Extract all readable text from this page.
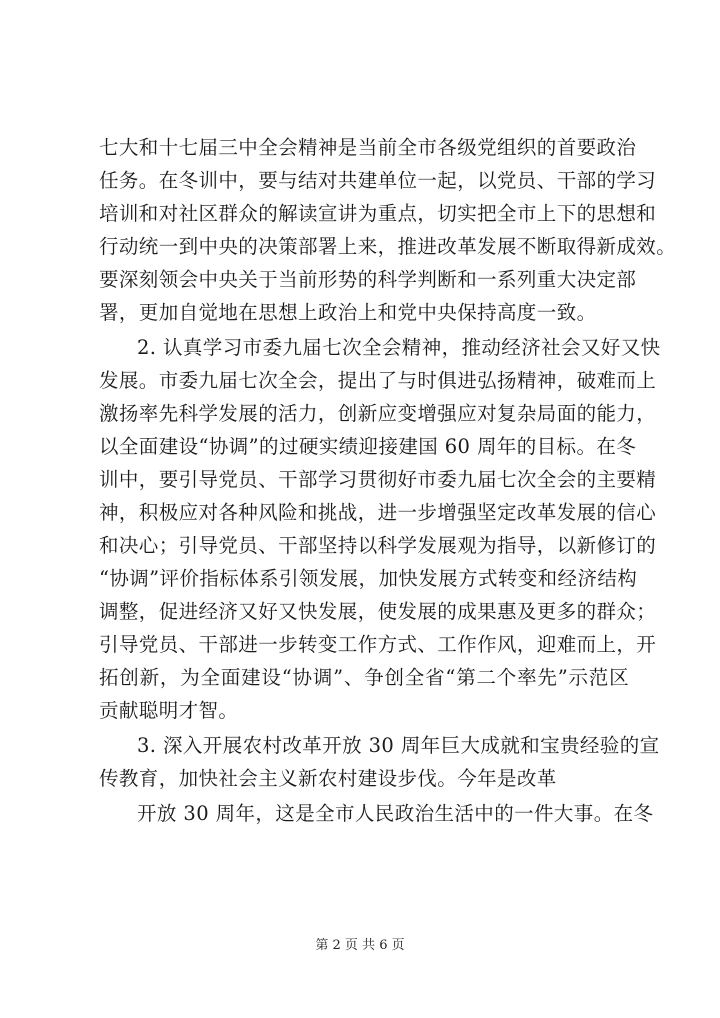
七大和十七届三中全会精神是当前全市各级党组织的首要政治
任务。在冬训中，要与结对共建单位一起，以党员、干部的学习
培训和对社区群众的解读宣讲为重点，切实把全市上下的思想和
行动统一到中央的决策部署上来，推进改革发展不断取得新成效。
要深刻领会中央关于当前形势的科学判断和一系列重大决定部
署，更加自觉地在思想上政治上和党中央保持高度一致。
2. 认真学习市委九届七次全会精神，推动经济社会又好又快
发展。市委九届七次全会，提出了与时俱进弘扬精神，破难而上
激扬率先科学发展的活力，创新应变增强应对复杂局面的能力，
以全面建设“协调”的过硬实绩迎接建国 60 周年的目标。在冬
训中，要引导党员、干部学习贯彻好市委九届七次全会的主要精
神，积极应对各种风险和挑战，进一步增强坚定改革发展的信心
和决心；引导党员、干部坚持以科学发展观为指导，以新修订的
“协调”评价指标体系引领发展，加快发展方式转变和经济结构
调整，促进经济又好又快发展，使发展的成果惠及更多的群众；
引导党员、干部进一步转变工作方式、工作作风，迎难而上，开
拓创新，为全面建设“协调”、争创全省“第二个率先”示范区
贡献聪明才智。
3. 深入开展农村改革开放 30 周年巨大成就和宝贵经验的宣
传教育，加快社会主义新农村建设步伐。今年是改革
开放 30 周年，这是全市人民政治生活中的一件大事。在冬
第 2 页 共 6 页
